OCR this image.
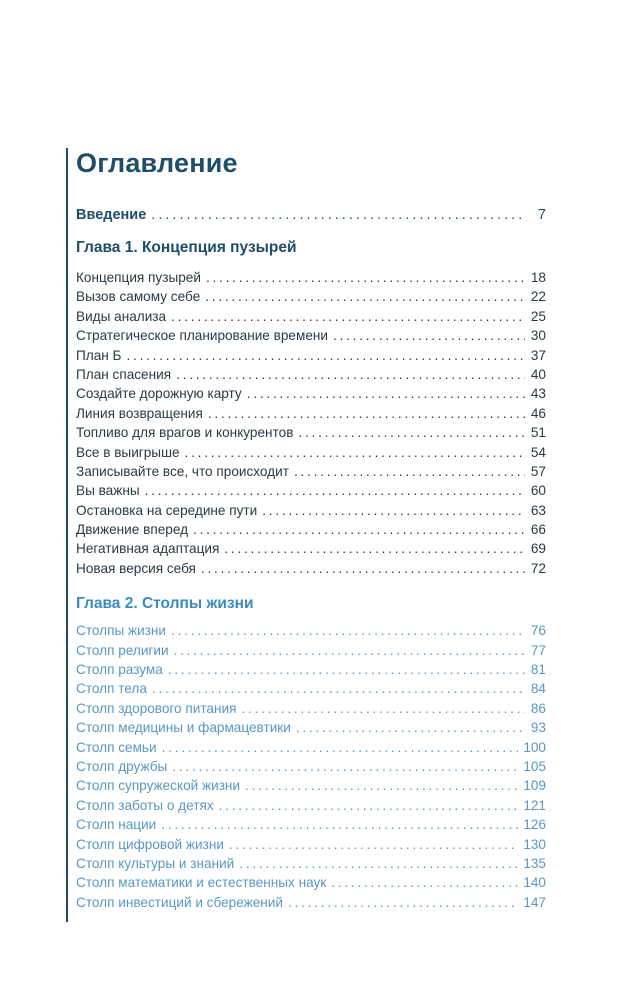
Оглавление
Введение . . .	7
Глава 1. Концепция пузырей
Концепция пузырей . . .	18
Вызов самому себе . . .	22
Виды анализа . . .	25
Стратегическое планирование времени . . .	30
План Б . . .	37
План спасения . . .	40
Создайте дорожную карту . . .	43
Линия возвращения . . .	46
Топливо для врагов и конкурентов . . .	51
Все в выигрыше . . .	54
Записывайте все, что происходит . . .	57
Вы важны . . .	60
Остановка на середине пути . . .	63
Движение вперед . . .	66
Негативная адаптация . . .	69
Новая версия себя . . .	72
Глава 2. Столпы жизни
Столпы жизни . . .	76
Столп религии . . .	77
Столп разума . . .	81
Столп тела . . .	84
Столп здорового питания . . .	86
Столп медицины и фармацевтики . . .	93
Столп семьи . . .	100
Столп дружбы . . .	105
Столп супружеской жизни . . .	109
Столп заботы о детях . . .	121
Столп нации . . .	126
Столп цифровой жизни . . .	130
Столп культуры и знаний . . .	135
Столп математики и естественных наук . . .	140
Столп инвестиций и сбережений . . .	147
